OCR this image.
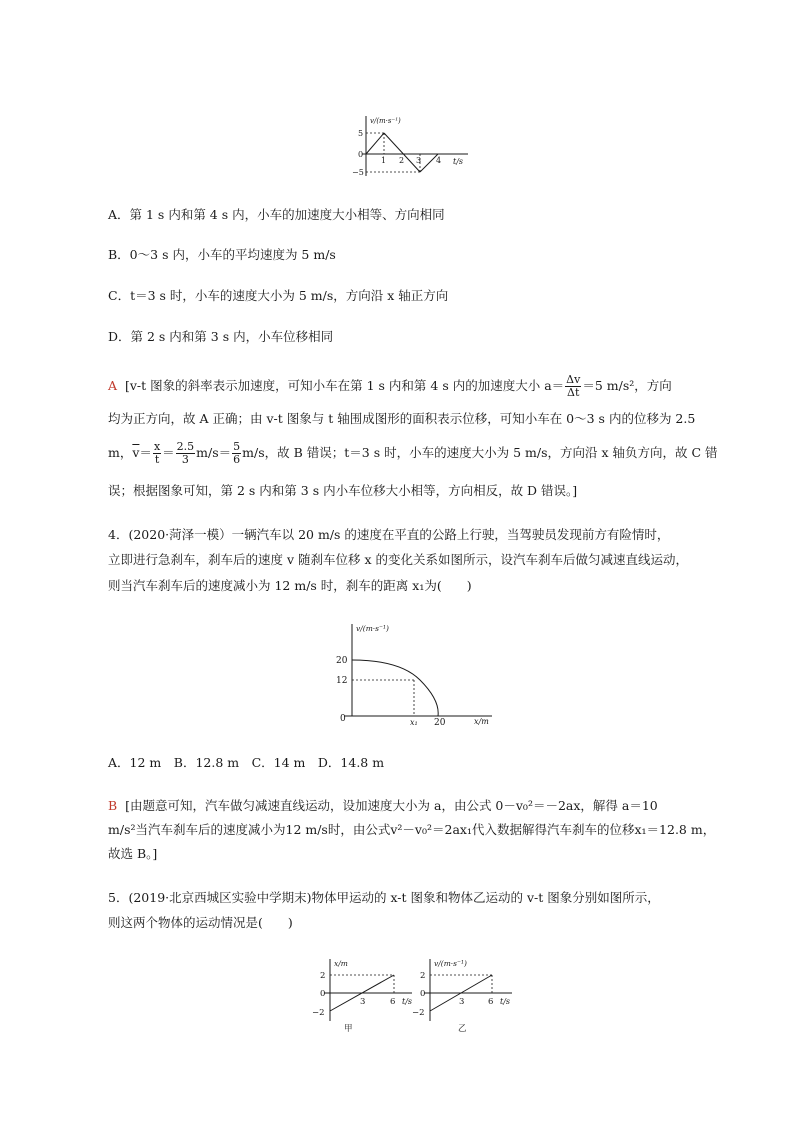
v/(m·s⁻¹)
t/s
5
0
−5
1 2 3 4
A．第 1 s 内和第 4 s 内，小车的加速度大小相等、方向相同
B．0～3 s 内，小车的平均速度为 5 m/s
C．t＝3 s 时，小车的速度大小为 5 m/s，方向沿 x 轴正方向
D．第 2 s 内和第 3 s 内，小车位移相同
A [v-t 图象的斜率表示加速度，可知小车在第 1 s 内和第 4 s 内的加速度大小 $a= \frac{\Delta v}{\Delta t} =5$ m/s²，方向
均为正方向，故 A 正确；由 v-t 图象与 t 轴围成图形的面积表示位移，可知小车在 0～3 s 内的位移为 2.5
m，$\overline{v}= \frac{x}{t} = \frac{2.5}{3} m/s= \frac{5}{6} m/s$，故 B 错误；t＝3 s 时，小车的速度大小为 5 m/s，方向沿 x 轴负方向，故 C 错
误；根据图象可知，第 2 s 内和第 3 s 内小车位移大小相等，方向相反，故 D 错误。]
4．(2020·菏泽一模）一辆汽车以 20 m/s 的速度在平直的公路上行驶，当驾驶员发现前方有险情时，
立即进行急刹车，刹车后的速度 v 随刹车位移 x 的变化关系如图所示，设汽车刹车后做匀减速直线运动，
则当汽车刹车后的速度减小为 12 m/s 时，刹车的距离 x₁为(　　)
v/(m·s⁻¹)
x/m
20
12
0	x₁ 20
A．12 m　B．12.8 m　C．14 m　D．14.8 m
B [由题意可知，汽车做匀减速直线运动，设加速度大小为 a，由公式 0－v₀²＝－2ax，解得 a＝10
m/s²当汽车刹车后的速度减小为12 m/s时，由公式v²－v₀²＝2ax₁代入数据解得汽车刹车的位移x₁＝12.8 m，
故选 B。]
5．(2019·北京西城区实验中学期末)物体甲运动的 x-t 图象和物体乙运动的 v-t 图象分别如图所示，
则这两个物体的运动情况是(　　)
x/m
t/s
2
0
−2
3	6
甲
v/(m·s⁻¹)
t/s
2
0
−2
3	6
乙
